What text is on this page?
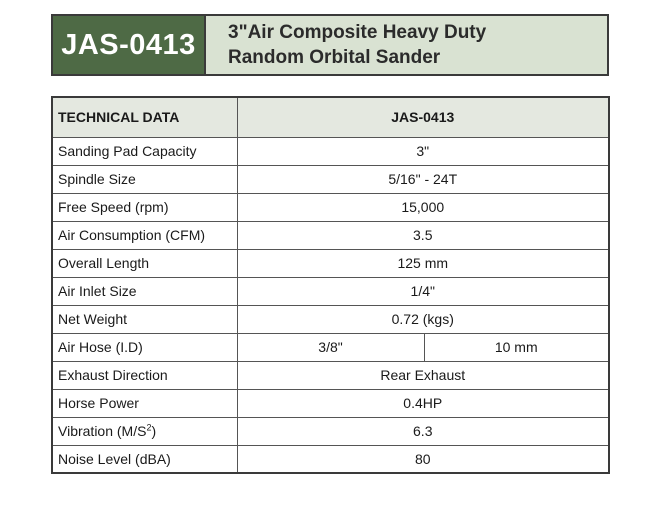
JAS-0413	3"Air Composite Heavy Duty
Random Orbital Sander
TECHNICAL DATA	JAS-0413	
Sanding Pad Capacity	3"	
Spindle Size	5/16" - 24T	
Free Speed (rpm)	15,000	
Air Consumption (CFM)	3.5	
Overall Length	125 mm	
Air Inlet Size	1/4"	
Net Weight	0.72 (kgs)	
Air Hose (I.D)	3/8"	10 mm
Exhaust Direction	Rear Exhaust	
Horse Power	0.4HP	
Vibration $(M/S^2)$	6.3	
Noise Level (dBA)	80	
